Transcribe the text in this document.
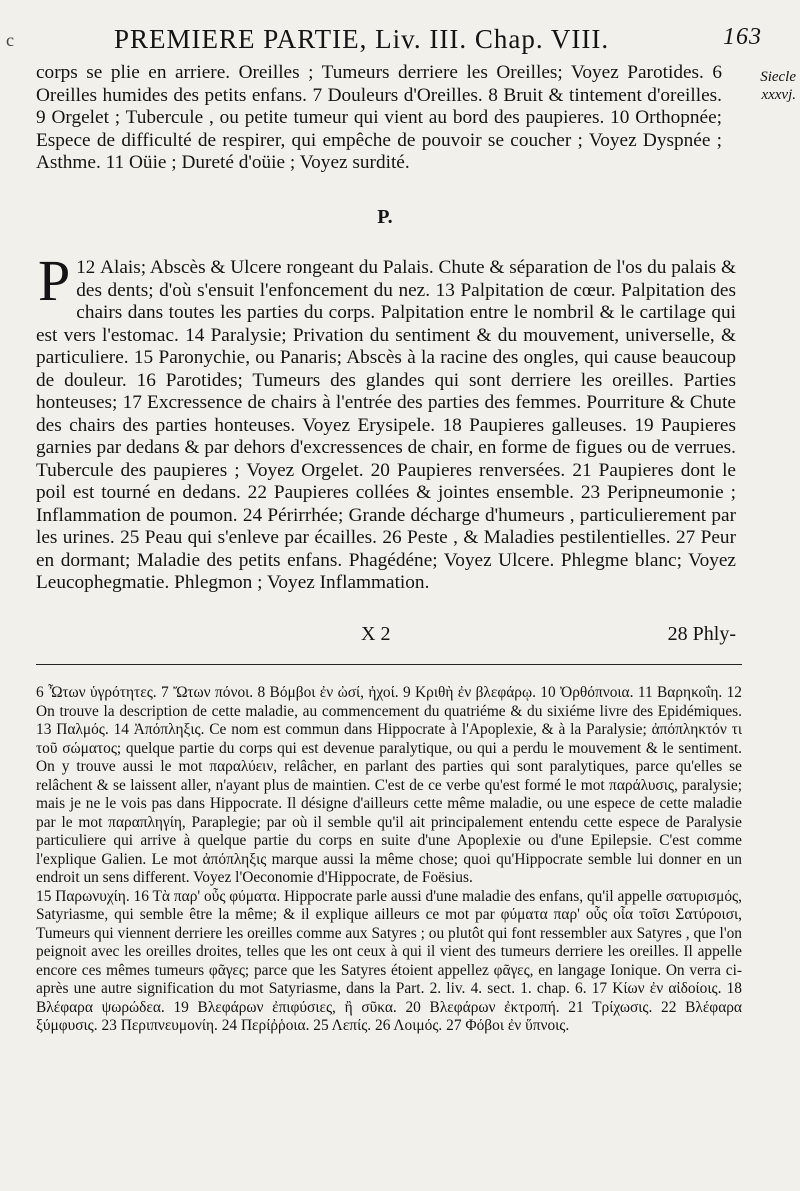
c	PREMIERE PARTIE, Liv. III. Chap. VIII.	163
Siecle xxxvj.

corps se plie en arriere. Oreilles ; Tumeurs derriere les Oreilles; Voyez Parotides. 6 Oreilles humides des petits enfans. 7 Douleurs d'Oreilles. 8 Bruit & tintement d'oreilles. 9 Orgelet ; Tubercule , ou petite tumeur qui vient au bord des paupieres. 10 Orthopnée; Espece de difficulté de respirer, qui empêche de pouvoir se coucher ; Voyez Dyspnée ; Asthme. 11 Oüie ; Dureté d'oüie ; Voyez surdité.

P.

12
P Alais; Abscès & Ulcere rongeant du Palais. Chute & séparation de l'os du palais & des dents; d'où s'ensuit l'enfoncement du nez. 13 Palpitation de cœur. Palpitation des chairs dans toutes les parties du corps. Palpitation entre le nombril & le cartilage qui est vers l'estomac. 14 Paralysie; Privation du sentiment & du mouvement, universelle, & particuliere. 15 Paronychie, ou Panaris; Abscès à la racine des ongles, qui cause beaucoup de douleur. 16 Parotides; Tumeurs des glandes qui sont derriere les oreilles. Parties honteuses; 17 Excressence de chairs à l'entrée des parties des femmes. Pourriture & Chute des chairs des parties honteuses. Voyez Erysipele. 18 Paupieres galleuses. 19 Paupieres garnies par dedans & par dehors d'excressences de chair, en forme de figues ou de verrues. Tubercule des paupieres ; Voyez Orgelet. 20 Paupieres renversées. 21 Paupieres dont le poil est tourné en dedans. 22 Paupieres collées & jointes ensemble. 23 Peripneumonie ; Inflammation de poumon. 24 Périrrhée; Grande décharge d'humeurs , particulierement par les urines. 25 Peau qui s'enleve par écailles. 26 Peste , & Maladies pestilentielles. 27 Peur en dormant; Maladie des petits enfans. Phagédéne; Voyez Ulcere. Phlegme blanc; Voyez Leucophegmatie. Phlegmon ; Voyez Inflammation.

X 2	28 Phly-

6 Ὦτων ὑγρότητες. 7 Ὤτων πόνοι. 8 Βόμβοι ἐν ὠσί, ἠχοί. 9 Κριθὴ ἐν βλεφάρῳ. 10 Ὀρθόπνοια. 11 Βαρηκοΐη. 12 On trouve la description de cette maladie, au commencement du quatriéme & du sixiéme livre des Epidémiques. 13 Παλμός. 14 Ἀπόπληξις. Ce nom est commun dans Hippocrate à l'Apoplexie, & à la Paralysie; ἀπόπληκτόν τι τοῦ σώματος; quelque partie du corps qui est devenue paralytique, ou qui a perdu le mouvement & le sentiment. On y trouve aussi le mot παραλύειν, relâcher, en parlant des parties qui sont paralytiques, parce qu'elles se relâchent & se laissent aller, n'ayant plus de maintien. C'est de ce verbe qu'est formé le mot παράλυσις, paralysie; mais je ne le vois pas dans Hippocrate. Il désigne d'ailleurs cette même maladie, ou une espece de cette maladie par le mot παραπληγίη, Paraplegie; par où il semble qu'il ait principalement entendu cette espece de Paralysie particuliere qui arrive à quelque partie du corps en suite d'une Apoplexie ou d'une Epilepsie. C'est comme l'explique Galien. Le mot ἀπόπληξις marque aussi la même chose; quoi qu'Hippocrate semble lui donner en un endroit un sens different. Voyez l'Oeconomie d'Hippocrate, de Foësius.

15 Παρωνυχίη. 16 Τὰ παρ' οὖς φύματα. Hippocrate parle aussi d'une maladie des enfans, qu'il appelle σατυρισμός, Satyriasme, qui semble être la même; & il explique ailleurs ce mot par φύματα παρ' οὖς οἷα τοῖσι Σατύροισι, Tumeurs qui viennent derriere les oreilles comme aux Satyres ; ou plutôt qui font ressembler aux Satyres , que l'on peignoit avec les oreilles droites, telles que les ont ceux à qui il vient des tumeurs derriere les oreilles. Il appelle encore ces mêmes tumeurs φᾶγες; parce que les Satyres étoient appellez φᾶγες, en langage Ionique. On verra ci-après une autre signification du mot Satyriasme, dans la Part. 2. liv. 4. sect. 1. chap. 6. 17 Κίων ἐν αἰδοίοις. 18 Βλέφαρα ψωρώδεα. 19 Βλεφάρων ἐπιφύσιες, ἢ σῦκα. 20 Βλεφάρων ἐκτροπή. 21 Τρίχωσις. 22 Βλέφαρα ξύμφυσις. 23 Περιπνευμονίη. 24 Περίῤῥοια. 25 Λεπίς. 26 Λοιμός. 27 Φόβοι ἐν ὕπνοις.
